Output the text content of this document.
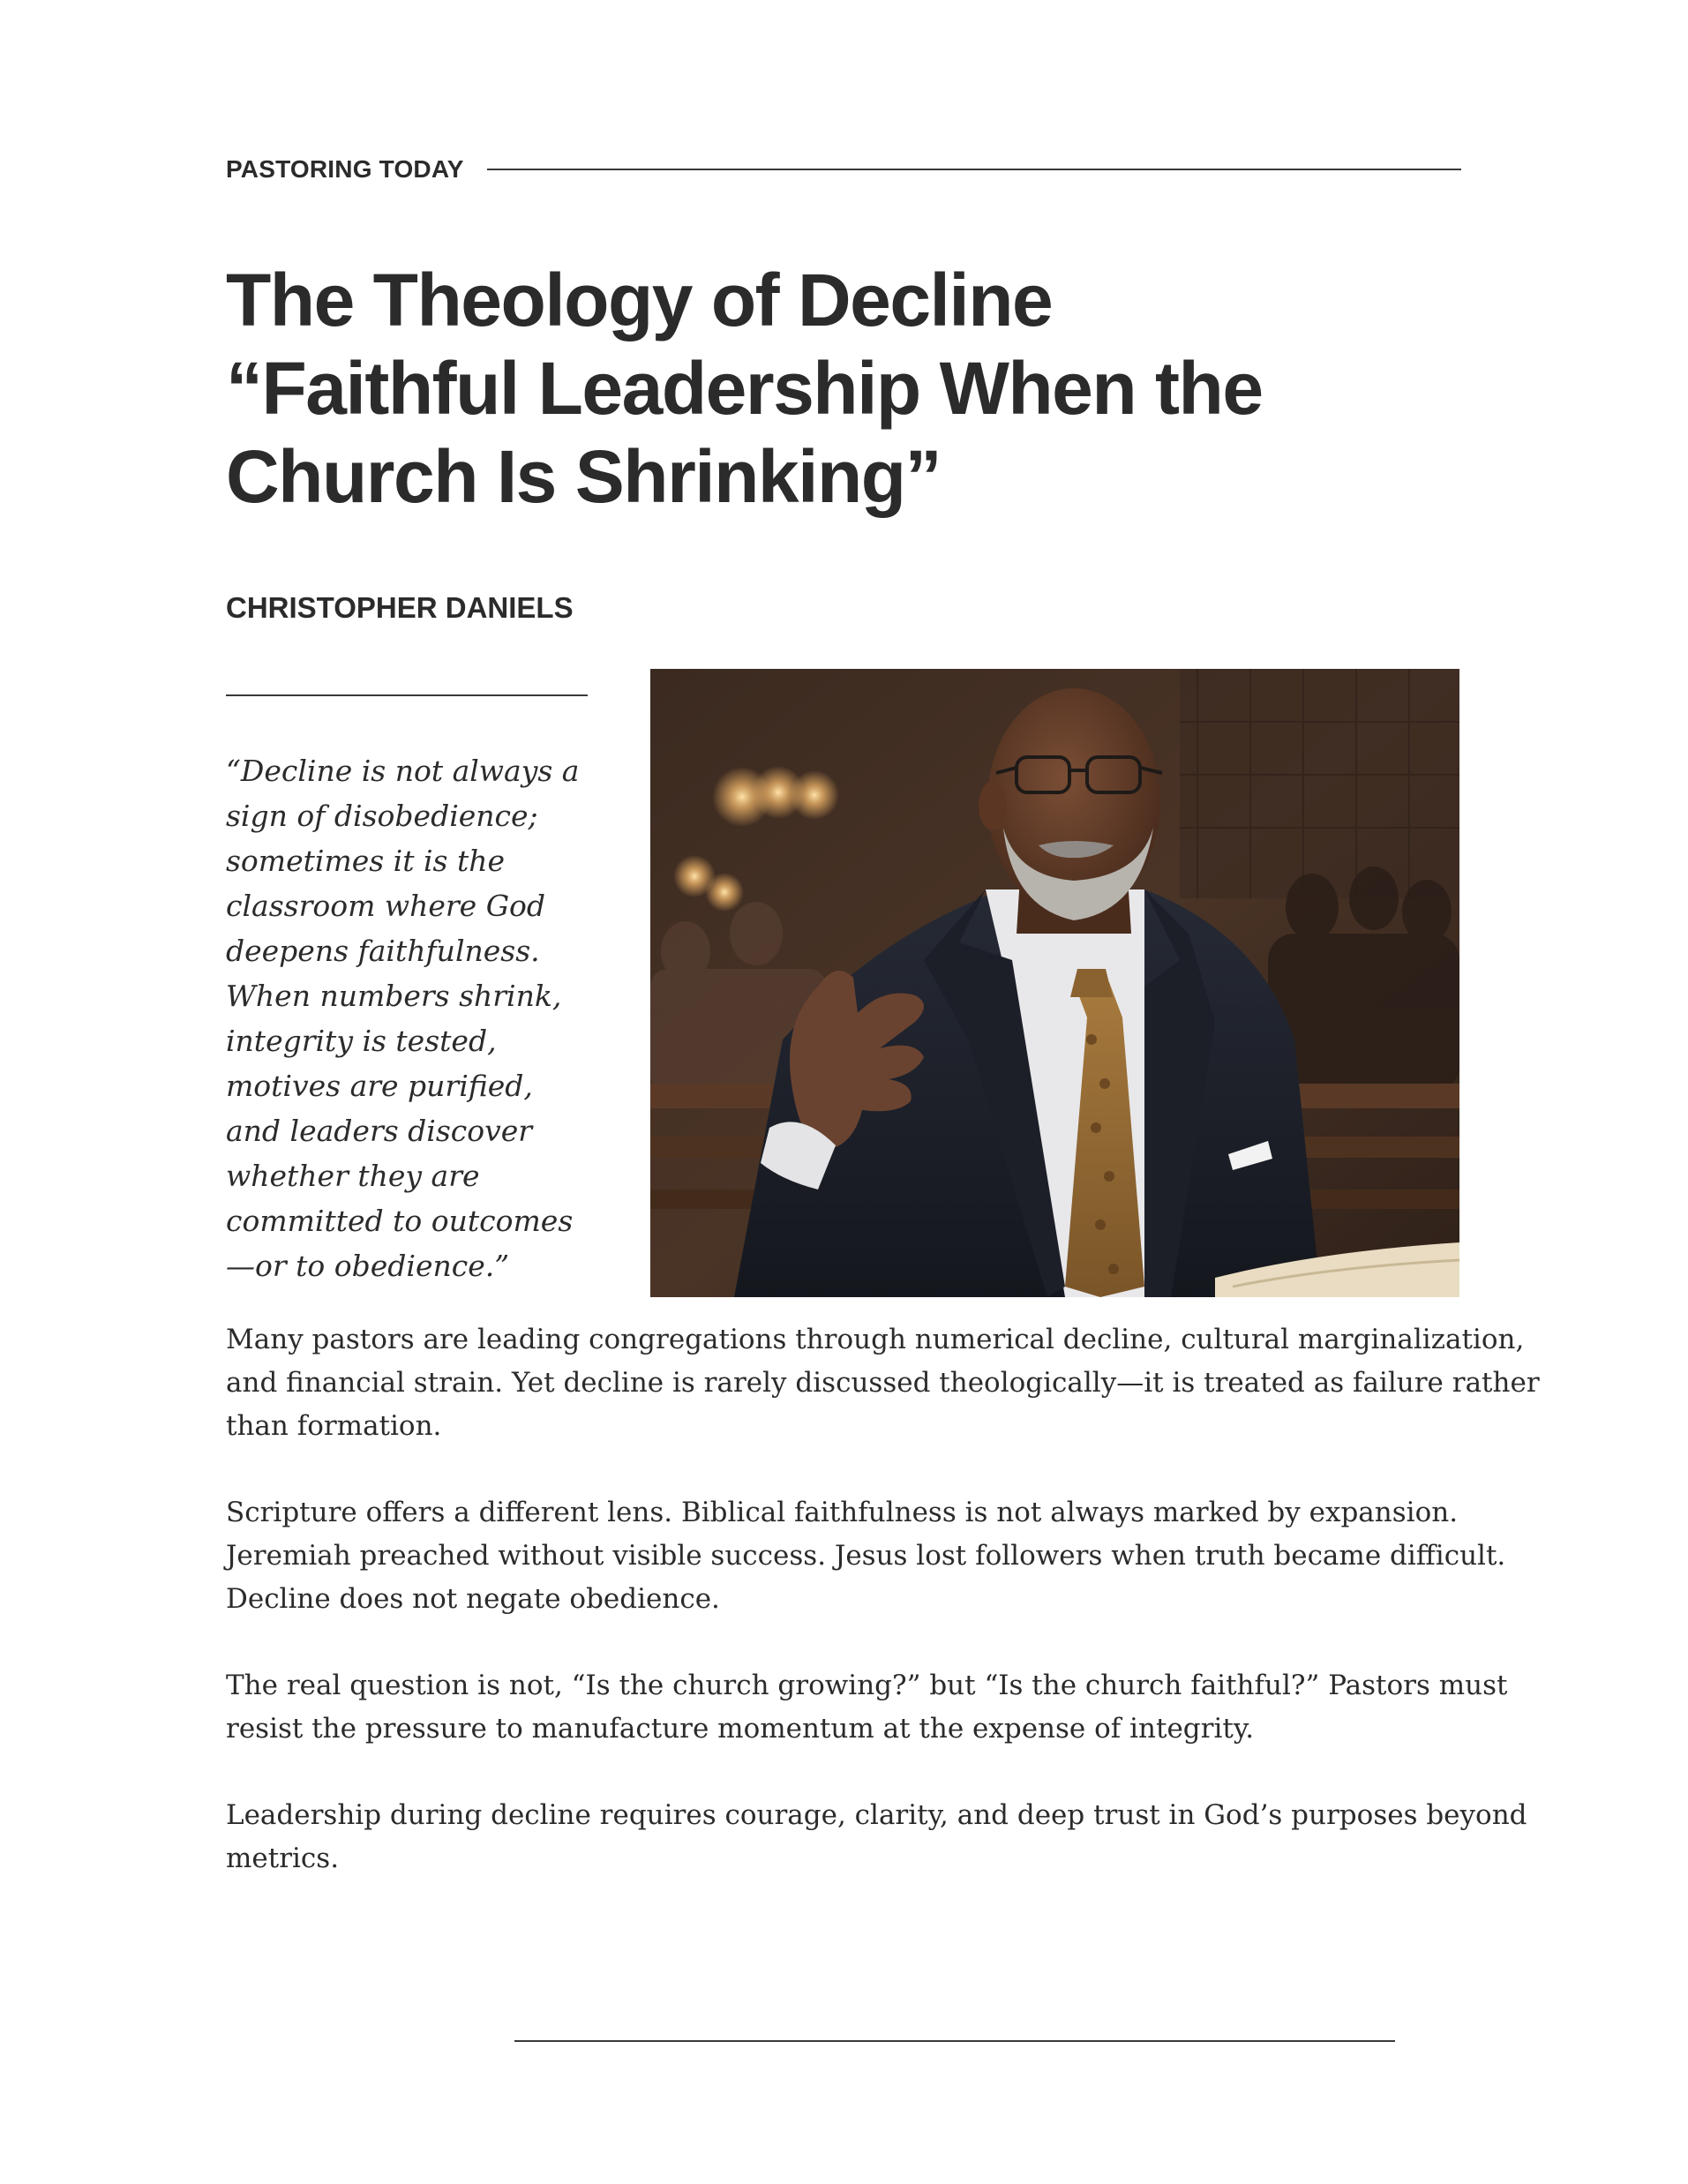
PASTORING TODAY
The Theology of Decline
“Faithful Leadership When the
Church Is Shrinking”
CHRISTOPHER DANIELS
“Decline is not always a
sign of disobedience;
sometimes it is the
classroom where God
deepens faithfulness.
When numbers shrink,
integrity is tested,
motives are purified,
and leaders discover
whether they are
committed to outcomes
—or to obedience.”

Many pastors are leading congregations through numerical decline, cultural marginalization,
and financial strain. Yet decline is rarely discussed theologically—it is treated as failure rather
than formation.

Scripture offers a different lens. Biblical faithfulness is not always marked by expansion.
Jeremiah preached without visible success. Jesus lost followers when truth became difficult.
Decline does not negate obedience.

The real question is not, “Is the church growing?” but “Is the church faithful?” Pastors must
resist the pressure to manufacture momentum at the expense of integrity.

Leadership during decline requires courage, clarity, and deep trust in God’s purposes beyond
metrics.
